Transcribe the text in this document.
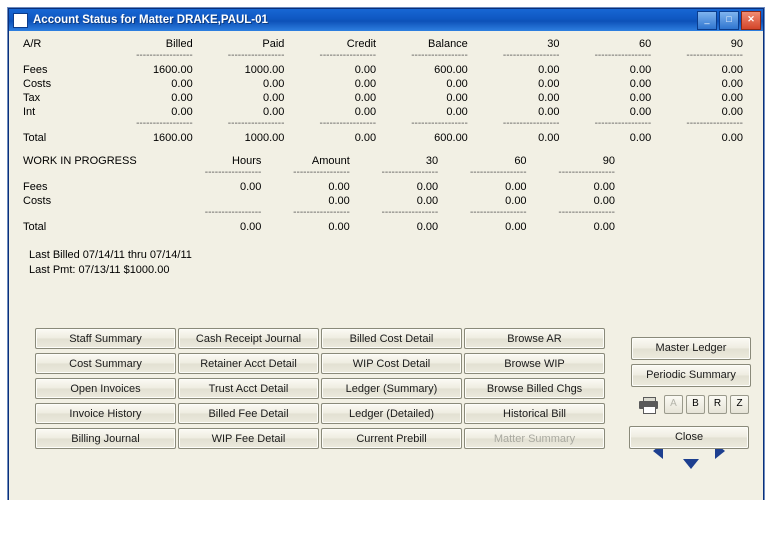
Account Status for Matter DRAKE,PAUL-01	_	□	✕
A/R	Billed	Paid	Credit	Balance	30	60	90
	-----------------	-----------------	-----------------	-----------------	-----------------	-----------------	-----------------
Fees	1600.00	1000.00	0.00	600.00	0.00	0.00	0.00
Costs	0.00	0.00	0.00	0.00	0.00	0.00	0.00
Tax	0.00	0.00	0.00	0.00	0.00	0.00	0.00
Int	0.00	0.00	0.00	0.00	0.00	0.00	0.00
	-----------------	-----------------	-----------------	-----------------	-----------------	-----------------	-----------------
Total	1600.00	1000.00	0.00	600.00	0.00	0.00	0.00

WORK IN PROGRESS	Hours	Amount	30	60	90	
	-----------------	-----------------	-----------------	-----------------	-----------------	
Fees	0.00	0.00	0.00	0.00	0.00	
Costs		0.00	0.00	0.00	0.00	
	-----------------	-----------------	-----------------	-----------------	-----------------	
Total	0.00	0.00	0.00	0.00	0.00	
Last Billed 07/14/11 thru 07/14/11
Last Pmt: 07/13/11 $1000.00
Master Ledger
Periodic Summary
A	B	R	Z
Staff Summary	Cash Receipt Journal	Billed Cost Detail	Browse AR
Cost Summary	Retainer Acct Detail	WIP Cost Detail	Browse WIP
Open Invoices	Trust Acct Detail	Ledger (Summary)	Browse Billed Chgs
Invoice History	Billed Fee Detail	Ledger (Detailed)	Historical Bill
Billing Journal	WIP Fee Detail	Current Prebill	Matter Summary	Close
